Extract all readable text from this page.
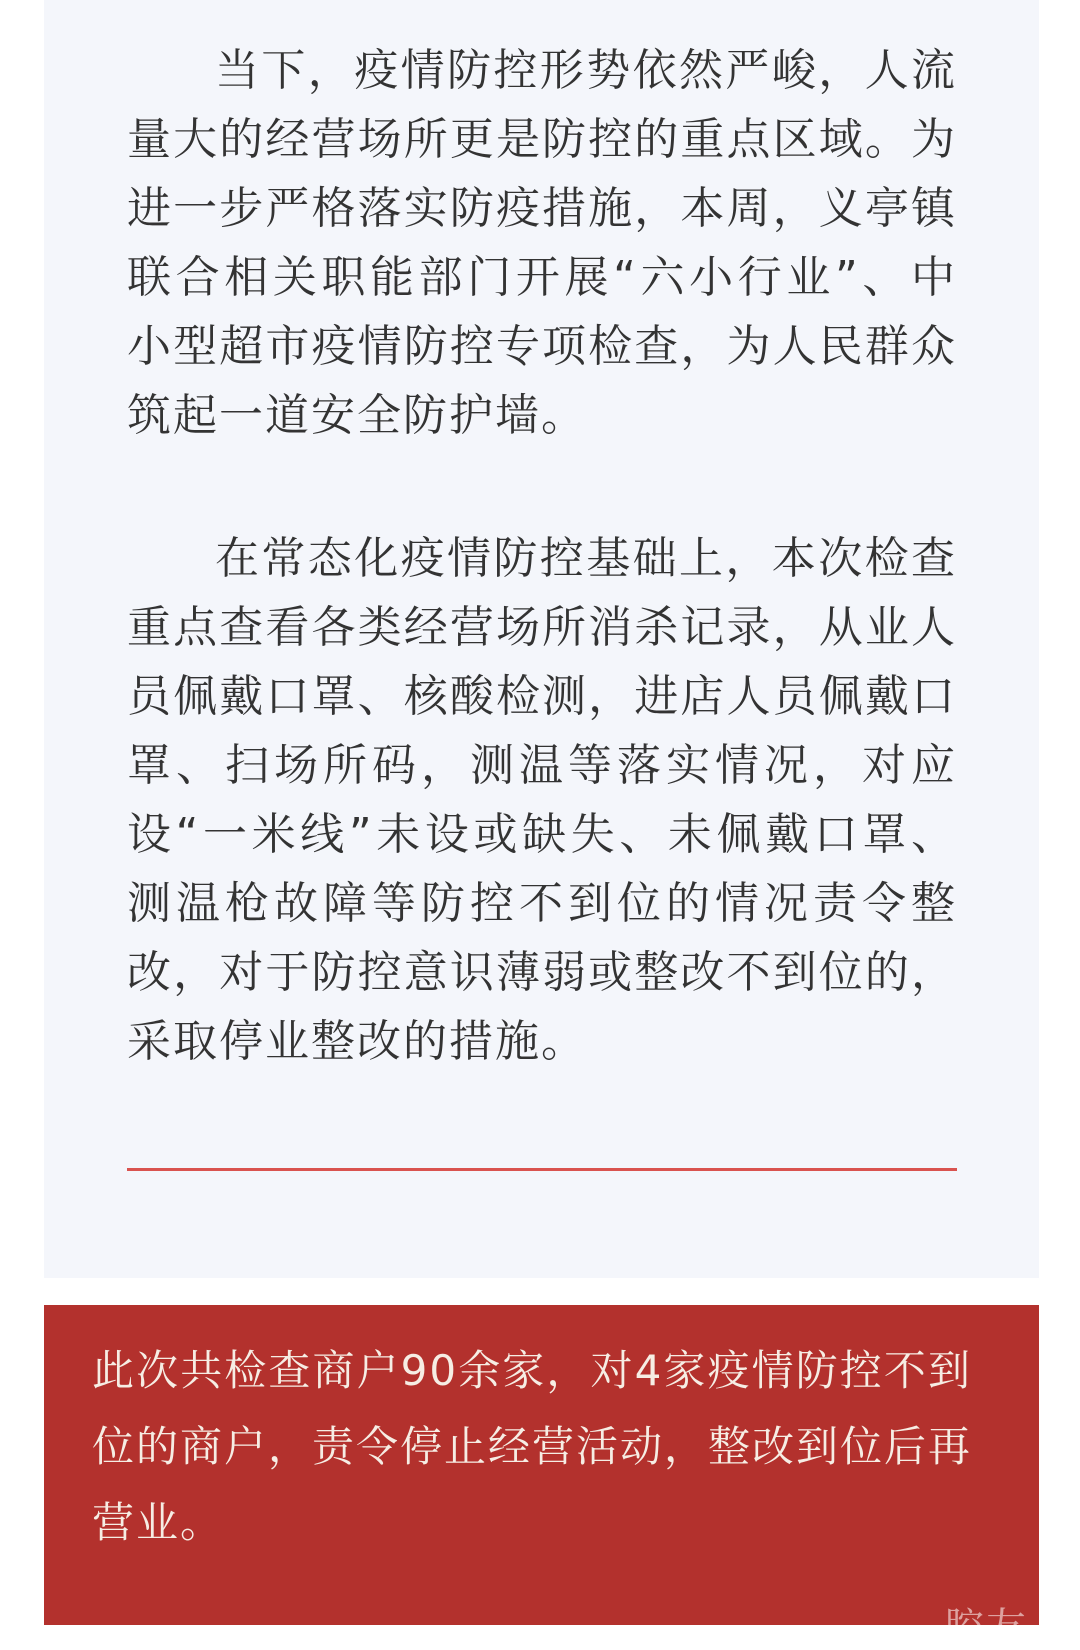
当下，疫情防控形势依然严峻，人流量大的经营场所更是防控的重点区域。为进一步严格落实防疫措施，本周，义亭镇联合相关职能部门开展“六小行业”、中小型超市疫情防控专项检查，为人民群众筑起一道安全防护墙。

在常态化疫情防控基础上，本次检查重点查看各类经营场所消杀记录，从业人员佩戴口罩、核酸检测，进店人员佩戴口罩、扫场所码，测温等落实情况，对应设“一米线”未设或缺失、未佩戴口罩、测温枪故障等防控不到位的情况责令整改，对于防控意识薄弱或整改不到位的，采取停业整改的措施。

此次共检查商户90余家，对4家疫情防控不到位的商户，责令停止经营活动，整改到位后再营业。

腔友
